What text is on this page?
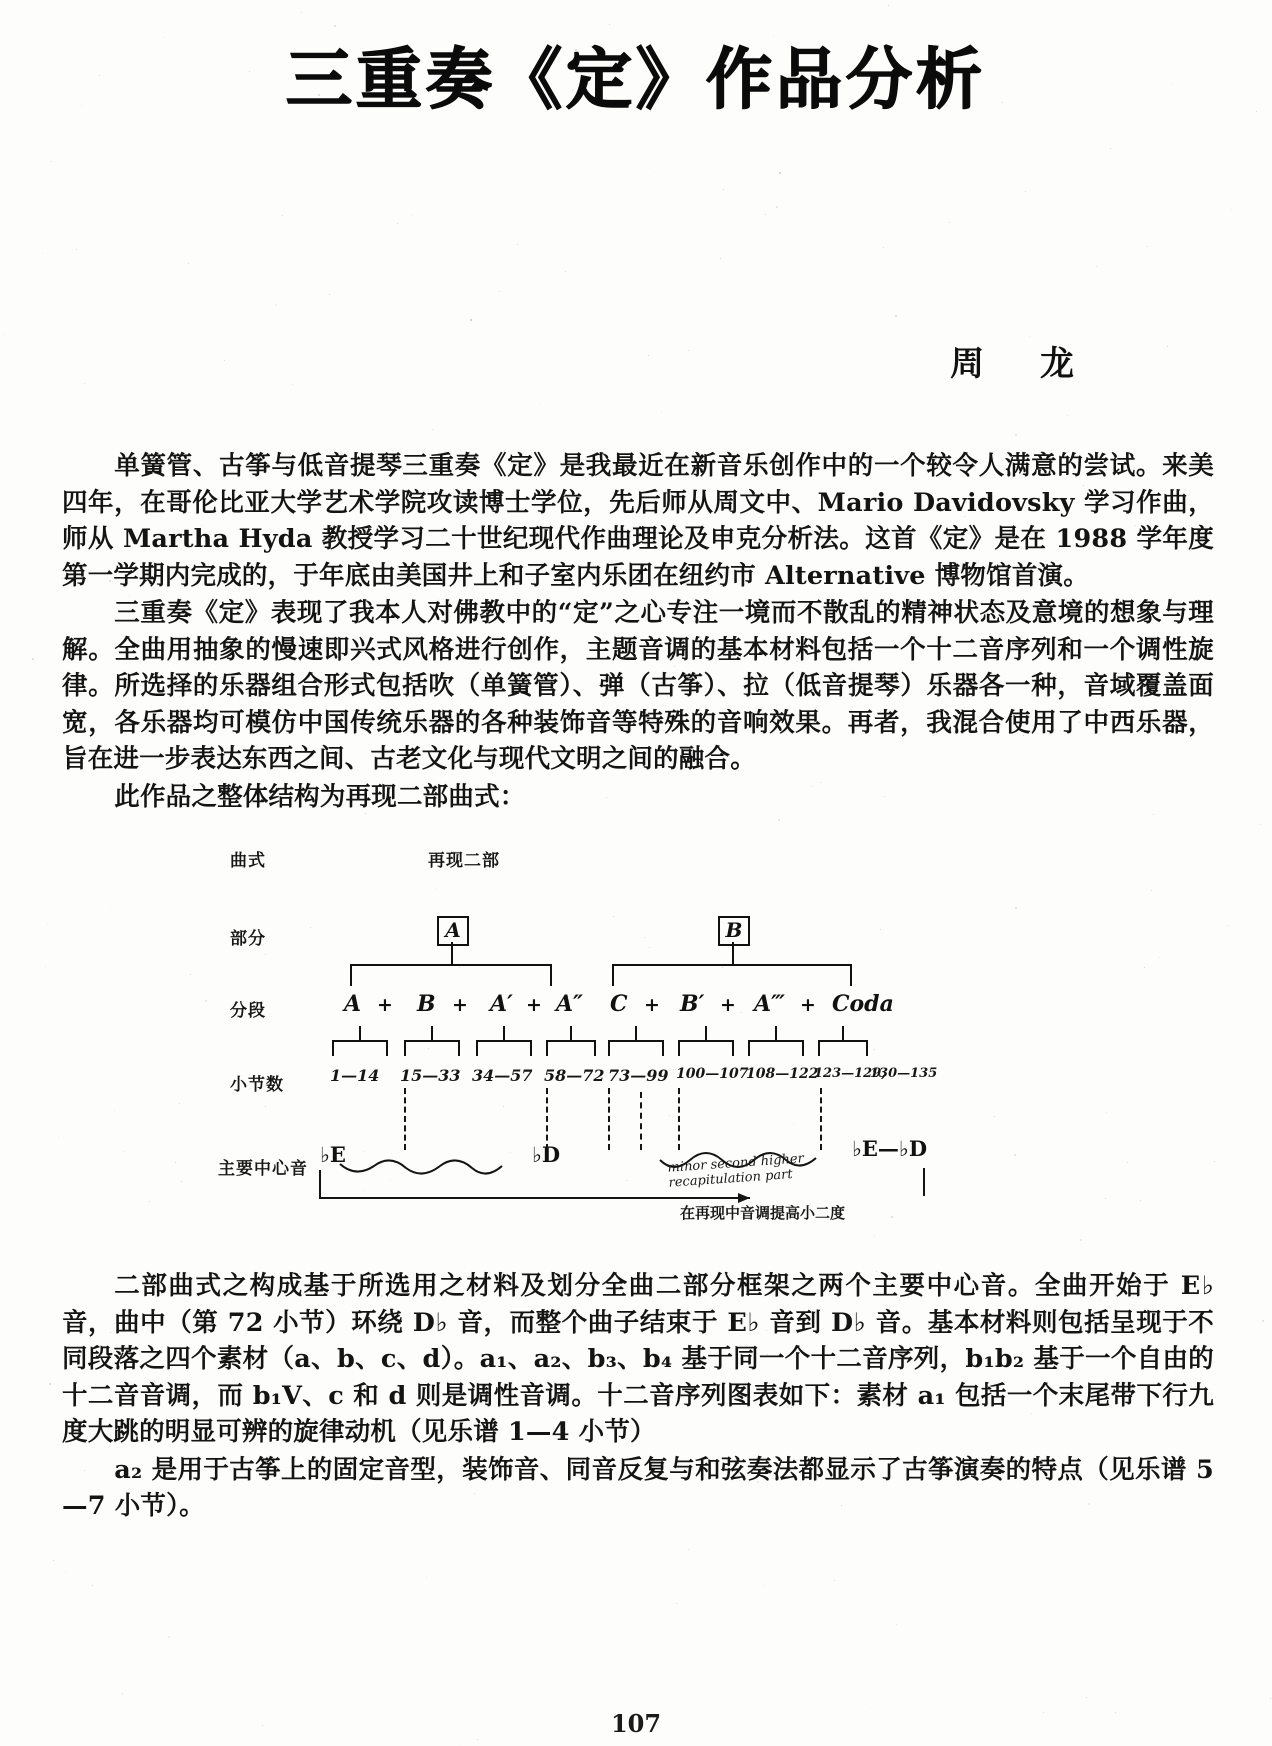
三重奏《定》作品分析
周 龙

单簧管、古筝与低音提琴三重奏《定》是我最近在新音乐创作中的一个较令人满意的尝试。来美四年，在哥伦比亚大学艺术学院攻读博士学位，先后师从周文中、Mario Davidovsky 学习作曲，师从 Martha Hyda 教授学习二十世纪现代作曲理论及申克分析法。这首《定》是在 1988 学年度第一学期内完成的，于年底由美国井上和子室内乐团在纽约市 Alternative 博物馆首演。

三重奏《定》表现了我本人对佛教中的“定”之心专注一境而不散乱的精神状态及意境的想象与理解。全曲用抽象的慢速即兴式风格进行创作，主题音调的基本材料包括一个十二音序列和一个调性旋律。所选择的乐器组合形式包括吹（单簧管）、弹（古筝）、拉（低音提琴）乐器各一种，音域覆盖面宽，各乐器均可模仿中国传统乐器的各种装饰音等特殊的音响效果。再者，我混合使用了中西乐器，旨在进一步表达东西之间、古老文化与现代文明之间的融合。

此作品之整体结构为再现二部曲式：

曲式
部分
分段
小节数
主要中心音
再现二部
A	B
A + B + A′ + A″ C + B′ + A‴ + Coda
1—14 15—33 34—57 58—72 73—99 100—107
108—122
123—129,
130—135
♭E	♭D	♭E—♭D
minor second higher
recapitulation part
在再现中音调提高小二度

二部曲式之构成基于所选用之材料及划分全曲二部分框架之两个主要中心音。全曲开始于 E♭ 音，曲中（第 72 小节）环绕 D♭ 音，而整个曲子结束于 E♭ 音到 D♭ 音。基本材料则包括呈现于不同段落之四个素材（a、b、c、d）。a₁、a₂、b₃、b₄ 基于同一个十二音序列，b₁b₂ 基于一个自由的十二音音调，而 b₁V、c 和 d 则是调性音调。十二音序列图表如下：素材 a₁ 包括一个末尾带下行九度大跳的明显可辨的旋律动机（见乐谱 1—4 小节）

a₂ 是用于古筝上的固定音型，装饰音、同音反复与和弦奏法都显示了古筝演奏的特点（见乐谱 5—7 小节）。

107
